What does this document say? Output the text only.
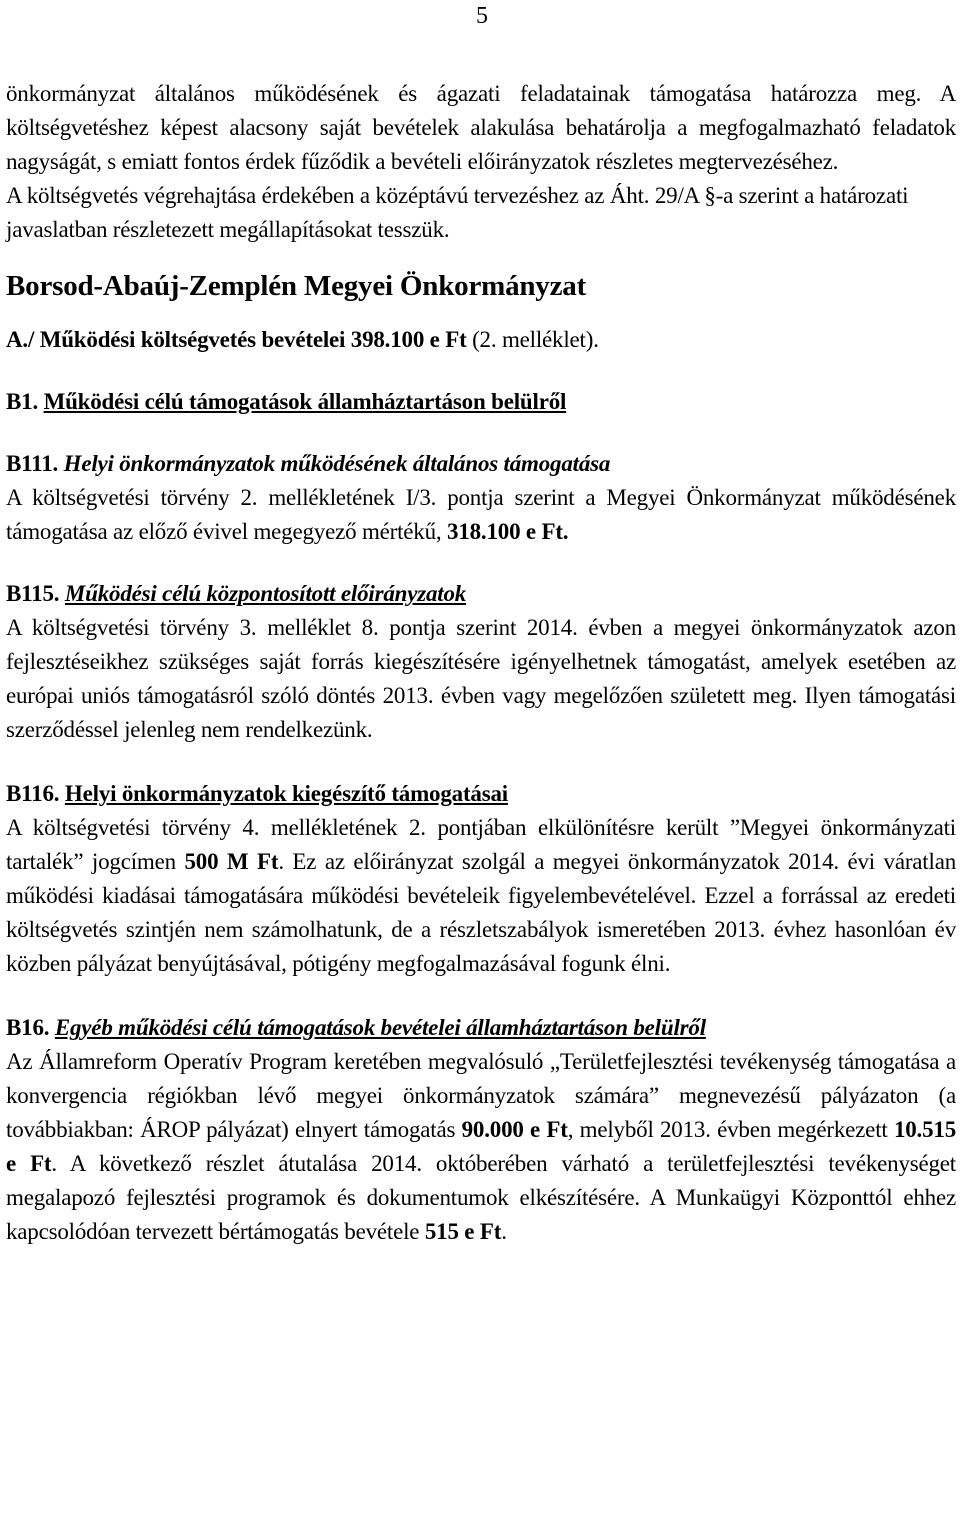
5

önkormányzat általános működésének és ágazati feladatainak támogatása határozza meg. A költségvetéshez képest alacsony saját bevételek alakulása behatárolja a megfogalmazható feladatok nagyságát, s emiatt fontos érdek fűződik a bevételi előirányzatok részletes megtervezéséhez.

A költségvetés végrehajtása érdekében a középtávú tervezéshez az Áht. 29/A §-a szerint a határozati javaslatban részletezett megállapításokat tesszük.

Borsod-Abaúj-Zemplén Megyei Önkormányzat

A./ Működési költségvetés bevételei 398.100 e Ft (2. melléklet).

B1. Működési célú támogatások államháztartáson belülről

B111. Helyi önkormányzatok működésének általános támogatása

A költségvetési törvény 2. mellékletének I/3. pontja szerint a Megyei Önkormányzat működésének támogatása az előző évivel megegyező mértékű, 318.100 e Ft.

B115. Működési célú központosított előirányzatok

A költségvetési törvény 3. melléklet 8. pontja szerint 2014. évben a megyei önkormányzatok azon fejlesztéseikhez szükséges saját forrás kiegészítésére igényelhetnek támogatást, amelyek esetében az európai uniós támogatásról szóló döntés 2013. évben vagy megelőzően született meg. Ilyen támogatási szerződéssel jelenleg nem rendelkezünk.

B116. Helyi önkormányzatok kiegészítő támogatásai

A költségvetési törvény 4. mellékletének 2. pontjában elkülönítésre került ”Megyei önkormányzati tartalék” jogcímen 500 M Ft. Ez az előirányzat szolgál a megyei önkormányzatok 2014. évi váratlan működési kiadásai támogatására működési bevételeik figyelembevételével. Ezzel a forrással az eredeti költségvetés szintjén nem számolhatunk, de a részletszabályok ismeretében 2013. évhez hasonlóan év közben pályázat benyújtásával, pótigény megfogalmazásával fogunk élni.

B16. Egyéb működési célú támogatások bevételei államháztartáson belülről

Az Államreform Operatív Program keretében megvalósuló „Területfejlesztési tevékenység támogatása a konvergencia régiókban lévő megyei önkormányzatok számára” megnevezésű pályázaton (a továbbiakban: ÁROP pályázat) elnyert támogatás 90.000 e Ft, melyből 2013. évben megérkezett 10.515 e Ft. A következő részlet átutalása 2014. októberében várható a területfejlesztési tevékenységet megalapozó fejlesztési programok és dokumentumok elkészítésére. A Munkaügyi Központtól ehhez kapcsolódóan tervezett bértámogatás bevétele 515 e Ft.
